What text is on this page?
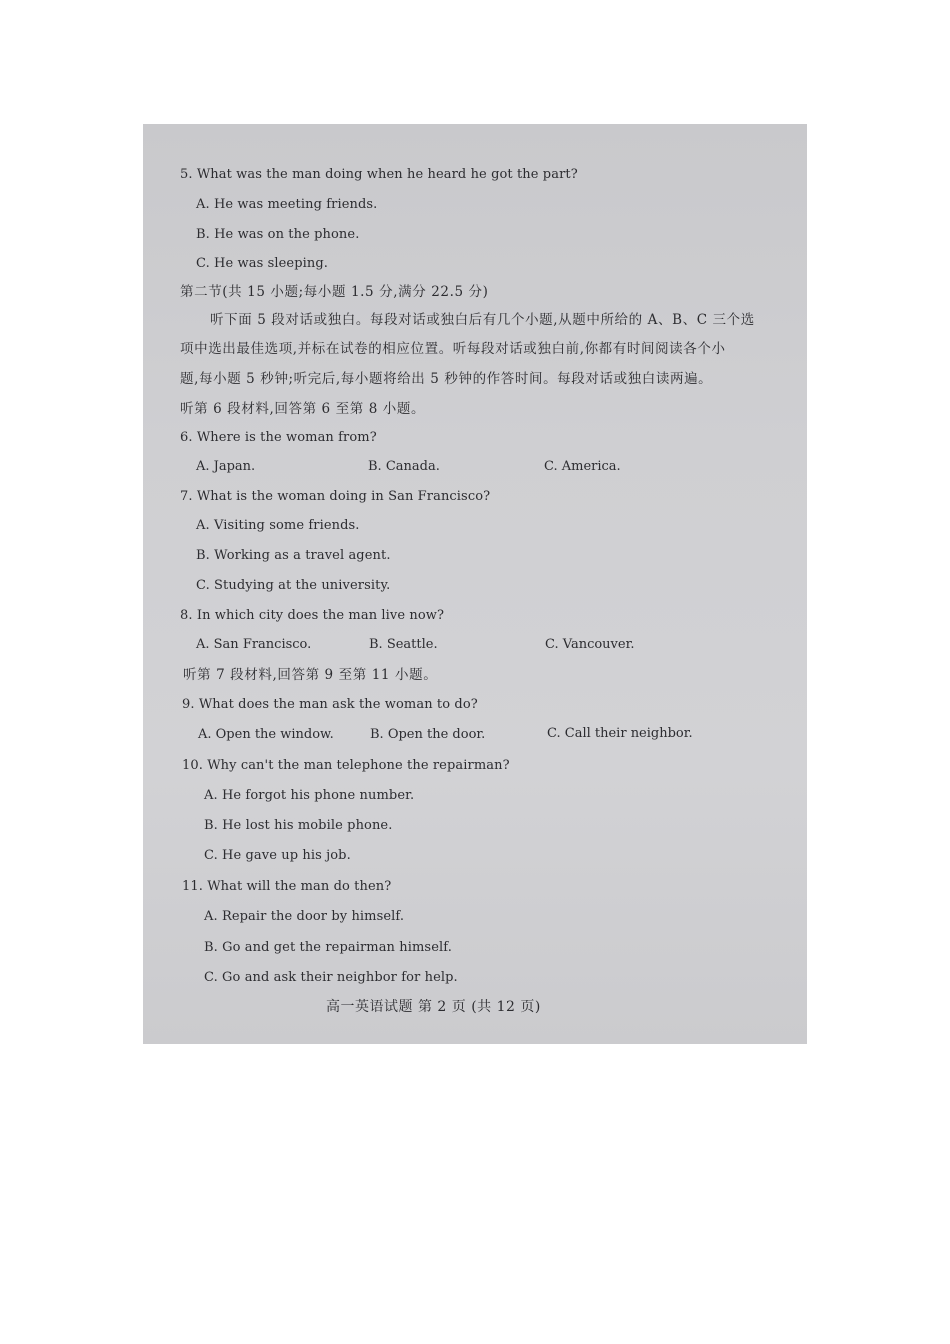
5. What was the man doing when he heard he got the part?
A. He was meeting friends.
B. He was on the phone.
C. He was sleeping.
第二节(共 15 小题;每小题 1.5 分,满分 22.5 分)
听下面 5 段对话或独白。每段对话或独白后有几个小题,从题中所给的 A、B、C 三个选
项中选出最佳选项,并标在试卷的相应位置。听每段对话或独白前,你都有时间阅读各个小
题,每小题 5 秒钟;听完后,每小题将给出 5 秒钟的作答时间。每段对话或独白读两遍。
听第 6 段材料,回答第 6 至第 8 小题。
6. Where is the woman from?
A. Japan.	B. Canada.	C. America.
7. What is the woman doing in San Francisco?
A. Visiting some friends.
B. Working as a travel agent.
C. Studying at the university.
8. In which city does the man live now?
A. San Francisco.	B. Seattle.	C. Vancouver.
听第 7 段材料,回答第 9 至第 11 小题。
9. What does the man ask the woman to do?
A. Open the window.	B. Open the door.	C. Call their neighbor.
10. Why can't the man telephone the repairman?
A. He forgot his phone number.
B. He lost his mobile phone.
C. He gave up his job.
11. What will the man do then?
A. Repair the door by himself.
B. Go and get the repairman himself.
C. Go and ask their neighbor for help.
高一英语试题 第 2 页 (共 12 页)
